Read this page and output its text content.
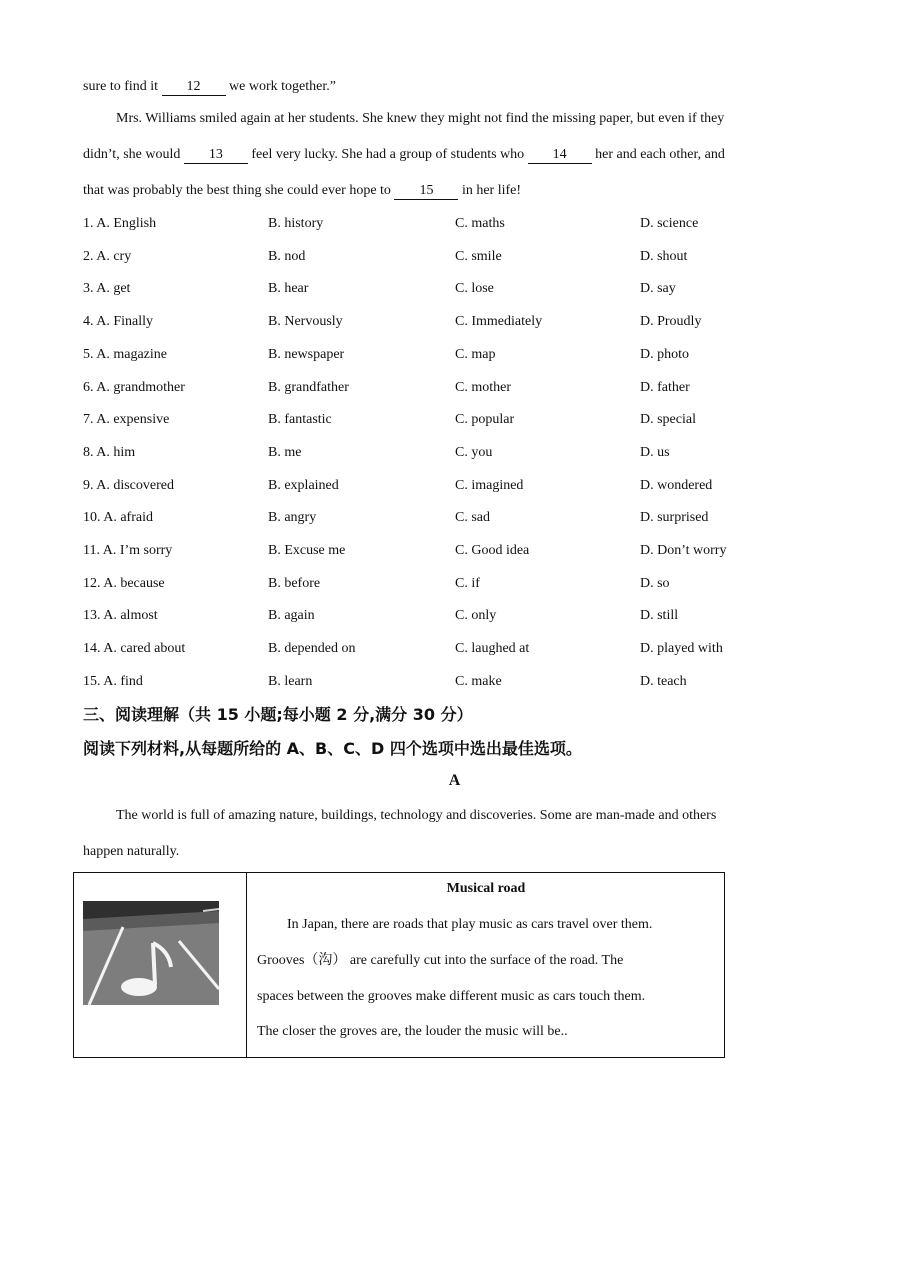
sure to find it 12 we work together.”
Mrs. Williams smiled again at her students. She knew they might not find the missing paper, but even if they
didn’t, she would 13 feel very lucky. She had a group of students who 14 her and each other, and
that was probably the best thing she could ever hope to 15 in her life!
1. A. English	B. history	C. maths	D. science
2. A. cry	B. nod	C. smile	D. shout
3. A. get	B. hear	C. lose	D. say
4. A. Finally	B. Nervously	C. Immediately	D. Proudly
5. A. magazine	B. newspaper	C. map	D. photo
6. A. grandmother	B. grandfather	C. mother	D. father
7. A. expensive	B. fantastic	C. popular	D. special
8. A. him	B. me	C. you	D. us
9. A. discovered	B. explained	C. imagined	D. wondered
10. A. afraid	B. angry	C. sad	D. surprised
11. A. I’m sorry	B. Excuse me	C. Good idea	D. Don’t worry
12. A. because	B. before	C. if	D. so
13. A. almost	B. again	C. only	D. still
14. A. cared about	B. depended on	C. laughed at	D. played with
15. A. find	B. learn	C. make	D. teach
三、阅读理解（共 15 小题;每小题 2 分,满分 30 分）
阅读下列材料,从每题所给的 A、B、C、D 四个选项中选出最佳选项。
A
The world is full of amazing nature, buildings, technology and discoveries. Some are man-made and others
happen naturally.

Musical road
In Japan, there are roads that play music as cars travel over them.
Grooves（沟） are carefully cut into the surface of the road. The
spaces between the grooves make different music as cars touch them.
The closer the groves are, the louder the music will be..
